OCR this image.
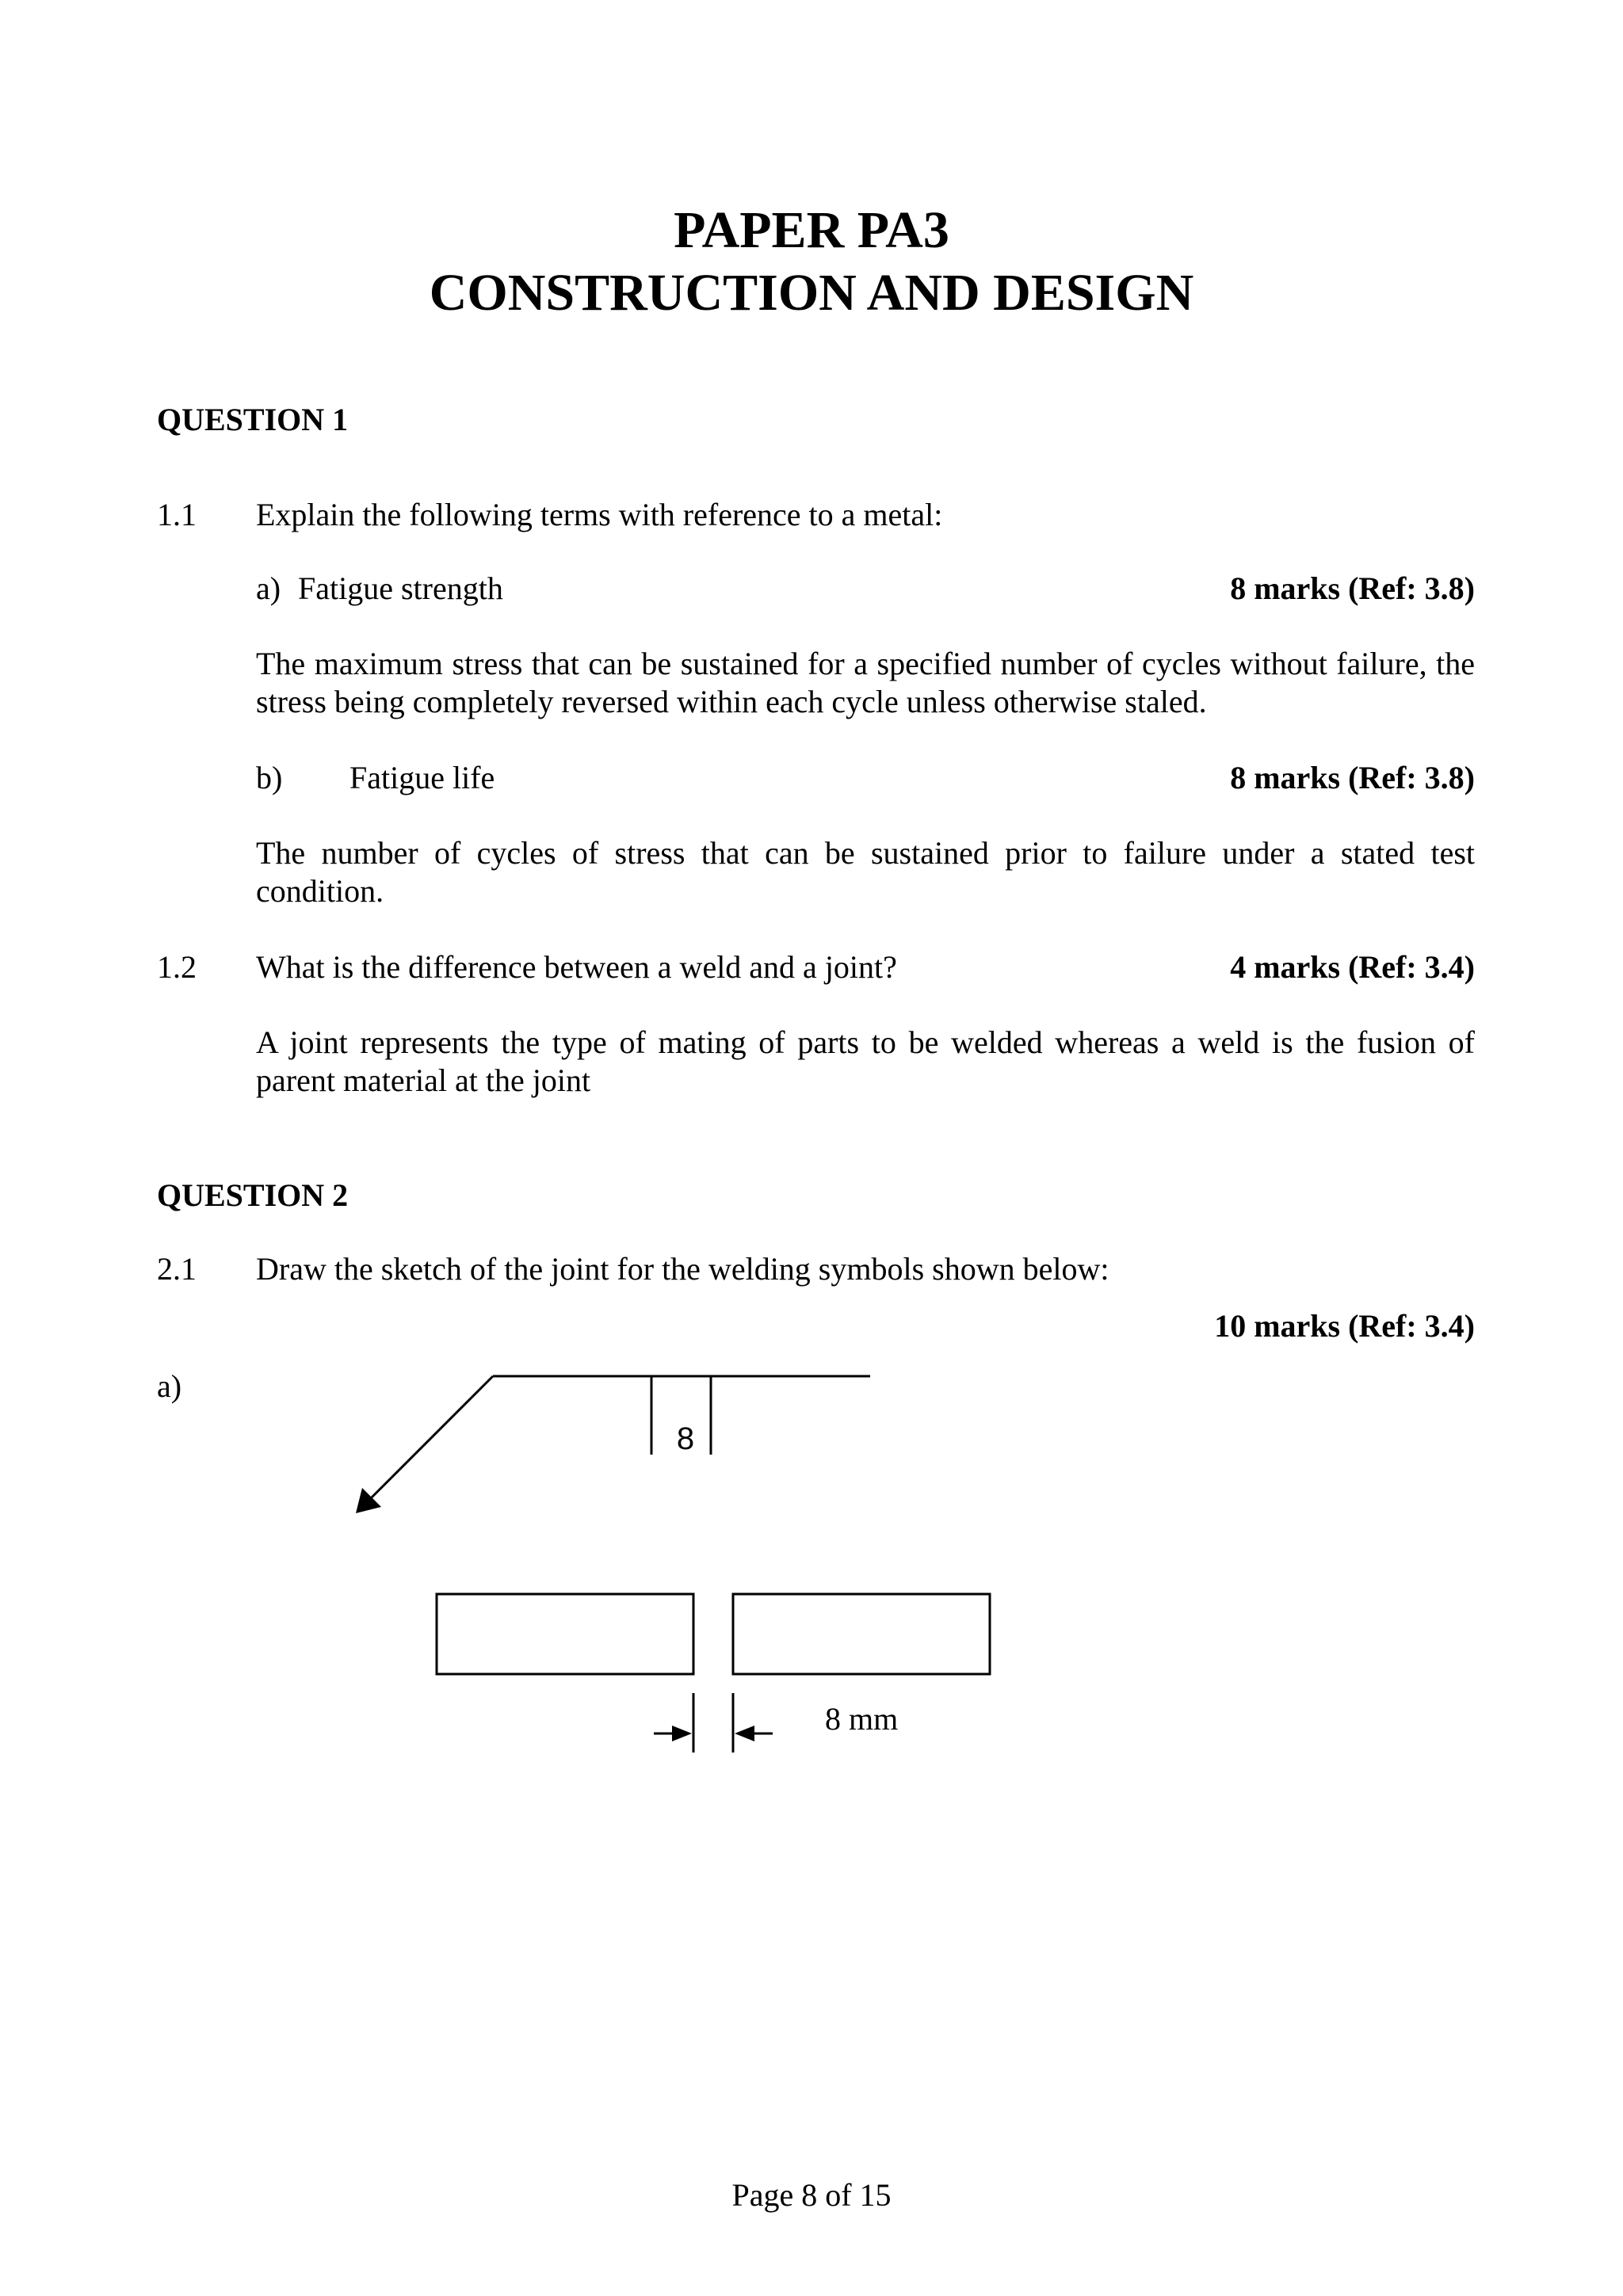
PAPER PA3
CONSTRUCTION AND DESIGN
QUESTION 1
1.1 Explain the following terms with reference to a metal:
a) Fatigue strength	8 marks (Ref: 3.8)
The maximum stress that can be sustained for a specified number of cycles without failure, the stress being completely reversed within each cycle unless otherwise staled.
b) Fatigue life	8 marks (Ref: 3.8)
The number of cycles of stress that can be sustained prior to failure under a stated test condition.
1.2 What is the difference between a weld and a joint?	4 marks (Ref: 3.4)
A joint represents the type of mating of parts to be welded whereas a weld is the fusion of parent material at the joint
QUESTION 2
2.1 Draw the sketch of the joint for the welding symbols shown below:
10 marks (Ref: 3.4)
a)
8
8 mm
Page 8 of 15
